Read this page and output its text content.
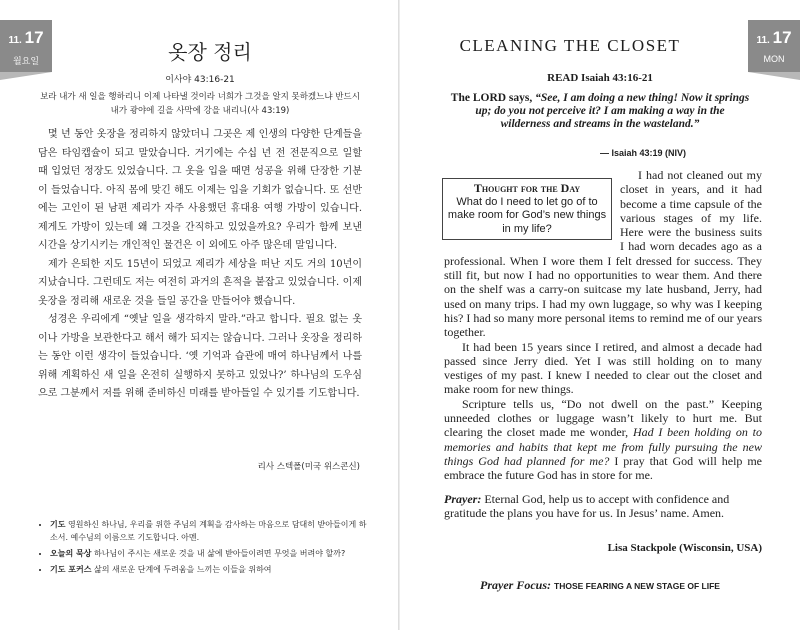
11. 17
월요일	옷장 정리
이사야 43:16-21
보라 내가 새 일을 행하리니 이제 나타낼 것이라 너희가 그것을 알지 못하겠느냐 반드시 내가 광야에 길을 사막에 강을 내리니(사 43:19)

몇 년 동안 옷장을 정리하지 않았더니 그곳은 제 인생의 다양한 단계들을 담은 타임캡슐이 되고 말았습니다. 거기에는 수십 년 전 전문직으로 일할 때 입었던 정장도 있었습니다. 그 옷을 입을 때면 성공을 위해 단장한 기분이 들었습니다. 아직 몸에 맞긴 해도 이제는 입을 기회가 없습니다. 또 선반에는 고인이 된 남편 제리가 자주 사용했던 휴대용 여행 가방이 있습니다. 제게도 가방이 있는데 왜 그것을 간직하고 있었을까요? 우리가 함께 보낸 시간을 상기시키는 개인적인 물건은 이 외에도 아주 많은데 말입니다.

제가 은퇴한 지도 15년이 되었고 제리가 세상을 떠난 지도 거의 10년이 지났습니다. 그런데도 저는 여전히 과거의 흔적을 붙잡고 있었습니다. 이제 옷장을 정리해 새로운 것을 들일 공간을 만들어야 했습니다.

성경은 우리에게 “옛날 일을 생각하지 말라.”라고 합니다. 필요 없는 옷이나 가방을 보관한다고 해서 해가 되지는 않습니다. 그러나 옷장을 정리하는 동안 이런 생각이 들었습니다. ‘옛 기억과 습관에 매여 하나님께서 나를 위해 계획하신 새 일을 온전히 실행하지 못하고 있었나?’ 하나님의 도우심으로 그분께서 저를 위해 준비하신 미래를 받아들일 수 있기를 기도합니다.

리사 스텍폴(미국 위스콘신)
• 기도 영원하신 하나님, 우리를 위한 주님의 계획을 감사하는 마음으로 담대히 받아들이게 하소서. 예수님의 이름으로 기도합니다. 아멘.
• 오늘의 묵상 하나님이 주시는 새로운 것을 내 삶에 받아들이려면 무엇을 버려야 할까?
• 기도 포커스 삶의 새로운 단계에 두려움을 느끼는 이들을 위하여
11. 17
MON
CLEANING THE CLOSET
READ Isaiah 43:16-21
The LORD says, “See, I am doing a new thing! Now it springs up; do you not perceive it? I am making a way in the wilderness and streams in the wasteland.”
— Isaiah 43:19 (NIV)
Thought for the Day
What do I need to let go of to make room for God’s new things in my life?

I had not cleaned out my closet in years, and it had become a time capsule of the various stages of my life. Here were the business suits I had worn decades ago as a professional. When I wore them I felt dressed for success. They still fit, but now I had no opportunities to wear them. And there on the shelf was a carry-on suitcase my late husband, Jerry, had used on many trips. I had my own luggage, so why was I keeping his? I had so many more personal items to remind me of our years together.

It had been 15 years since I retired, and almost a decade had passed since Jerry died. Yet I was still holding on to many vestiges of my past. I knew I needed to clear out the closet and make room for new things.

Scripture tells us, “Do not dwell on the past.” Keeping unneeded clothes or luggage wasn’t likely to hurt me. But clearing the closet made me wonder, Had I been holding on to memories and habits that kept me from fully pursuing the new things God had planned for me? I pray that God will help me embrace the future God has in store for me.

Prayer: Eternal God, help us to accept with confidence and gratitude the plans you have for us. In Jesus’ name. Amen.
Lisa Stackpole (Wisconsin, USA)
Prayer Focus: THOSE FEARING A NEW STAGE OF LIFE
